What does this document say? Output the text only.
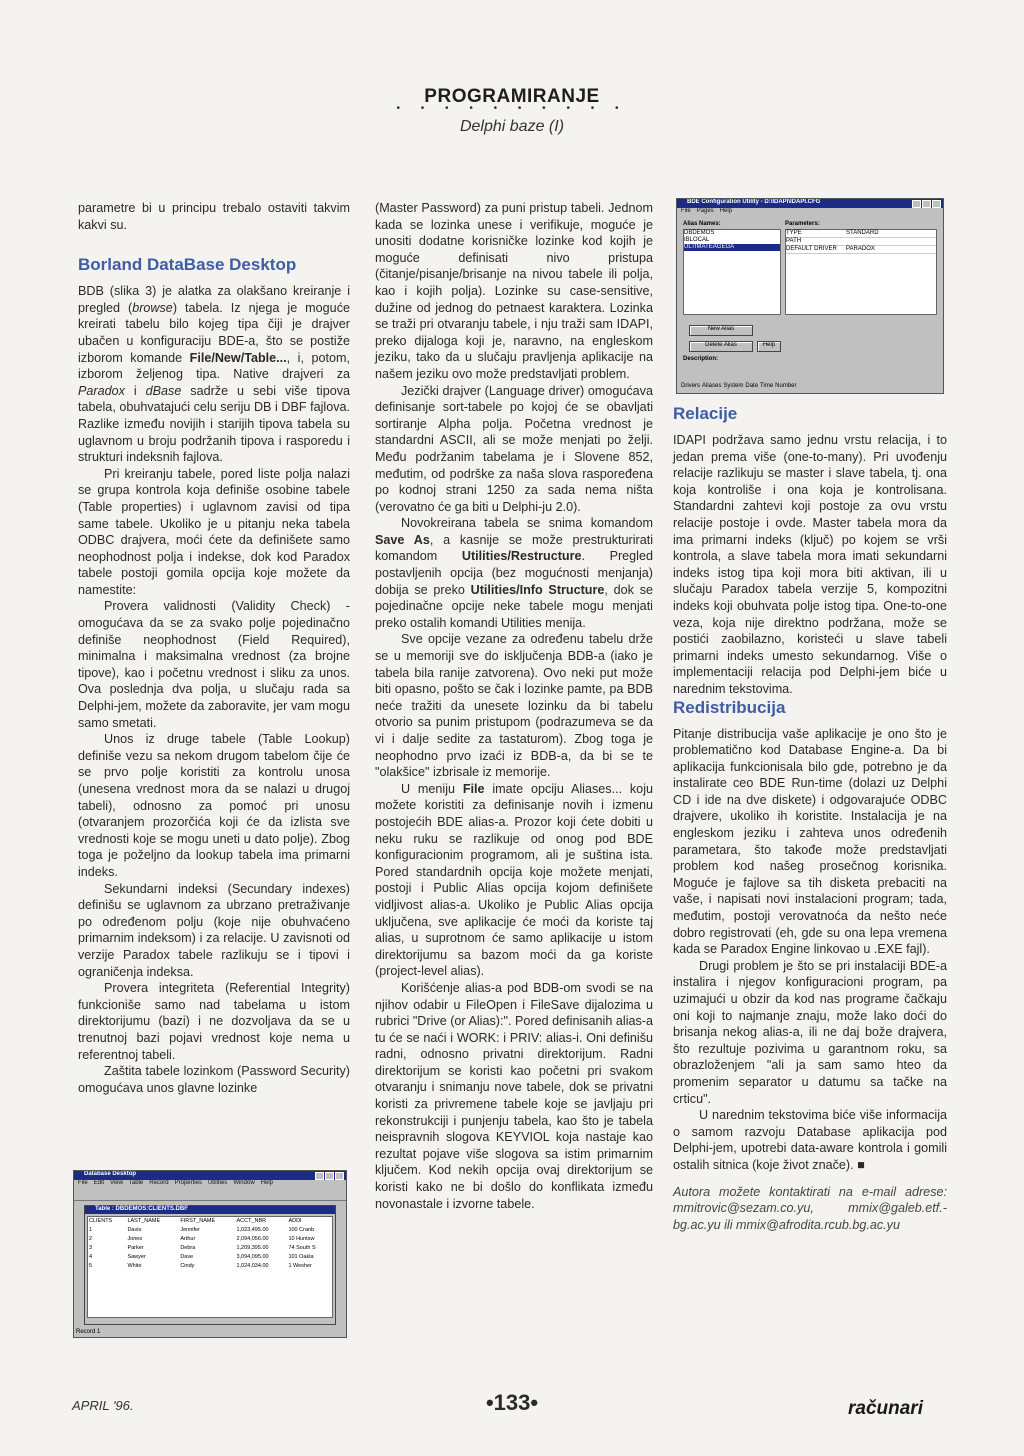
PROGRAMIRANJE
• • • • • • • • • •
Delphi baze (I)

parametre bi u principu trebalo ostaviti takvim kakvi su.

Borland DataBase Desktop

BDB (slika 3) je alatka za olakšano kreiranje i pregled (browse) tabela. Iz njega je moguće kreirati tabelu bilo kojeg tipa čiji je drajver ubačen u konfiguraciju BDE-a, što se postiže izborom komande File/New/Table..., i, potom, izborom željenog tipa. Native drajveri za Paradox i dBase sadrže u sebi više tipova tabela, obuhvatajući celu seriju DB i DBF fajlova. Razlike između novijih i starijih tipova tabela su uglavnom u broju podržanih tipova i rasporedu i strukturi indeksnih fajlova.

Pri kreiranju tabele, pored liste polja nalazi se grupa kontrola koja definiše osobine tabele (Table properties) i uglavnom zavisi od tipa same tabele. Ukoliko je u pitanju neka tabela ODBC drajvera, moći ćete da definišete samo neophodnost polja i indekse, dok kod Paradox tabele postoji gomila opcija koje možete da namestite:

Provera validnosti (Validity Check) - omogućava da se za svako polje pojedinačno definiše neophodnost (Field Required), minimalna i maksimalna vrednost (za brojne tipove), kao i početnu vrednost i sliku za unos. Ova poslednja dva polja, u slučaju rada sa Delphi-jem, možete da zaboravite, jer vam mogu samo smetati.

Unos iz druge tabele (Table Lookup) definiše vezu sa nekom drugom tabelom čije će se prvo polje koristiti za kontrolu unosa (unesena vrednost mora da se nalazi u drugoj tabeli), odnosno za pomoć pri unosu (otvaranjem prozorčića koji će da izlista sve vrednosti koje se mogu uneti u dato polje). Zbog toga je poželjno da lookup tabela ima primarni indeks.

Sekundarni indeksi (Secundary indexes) definišu se uglavnom za ubrzano pretraživanje po određenom polju (koje nije obuhvaćeno primarnim indeksom) i za relacije. U zavisnoti od verzije Paradox tabele razlikuju se i tipovi i ograničenja indeksa.

Provera integriteta (Referential Integrity) funkcioniše samo nad tabelama u istom direktorijumu (bazi) i ne dozvoljava da se u trenutnoj bazi pojavi vrednost koje nema u referentnoj tabeli.

Zaštita tabele lozinkom (Password Security) omogućava unos glavne lozinke

Database Desktop
File Edit View Table Record Properties Utilities Window Help
Table : DBDEMOS:CLIENTS.DBF
CLIENTS	LAST_NAME	FIRST_NAME	ACCT_NBR	ADDI
1	Davis	Jennifer	1,023,495.00	100 Cranb
2	Jones	Arthur	2,094,056.00	10 Huntsw
3	Parker	Debra	1,209,395.00	74 South S
4	Sawyer	Dave	3,094,095.00	101 Oakla
5	White	Cindy	1,024,034.00	1 Wesher
Record 1

(Master Password) za puni pristup tabeli. Jednom kada se lozinka unese i verifikuje, moguće je unositi dodatne korisničke lozinke kod kojih je moguće definisati nivo pristupa (čitanje/pisanje/brisanje na nivou tabele ili polja, kao i kojih polja). Lozinke su case-sensitive, dužine od jednog do petnaest karaktera. Lozinka se traži pri otvaranju tabele, i nju traži sam IDAPI, preko dijaloga koji je, naravno, na engleskom jeziku, tako da u slučaju pravljenja aplikacije na našem jeziku ovo može predstavljati problem.

Jezički drajver (Language driver) omogućava definisanje sort-tabele po kojoj će se obavljati sortiranje Alpha polja. Početna vrednost je standardni ASCII, ali se može menjati po želji. Među podržanim tabelama je i Slovene 852, međutim, od podrške za naša slova raspoređena po kodnoj strani 1250 za sada nema ništa (verovatno će ga biti u Delphi-ju 2.0).

Novokreirana tabela se snima komandom Save As, a kasnije se može prestrukturirati komandom Utilities/Restructure. Pregled postavljenih opcija (bez mogućnosti menjanja) dobija se preko Utilities/Info Structure, dok se pojedinačne opcije neke tabele mogu menjati preko ostalih komandi Utilities menija.

Sve opcije vezane za određenu tabelu drže se u memoriji sve do isključenja BDB-a (iako je tabela bila ranije zatvorena). Ovo neki put može biti opasno, pošto se čak i lozinke pamte, pa BDB neće tražiti da unesete lozinku da bi tabelu otvorio sa punim pristupom (podrazumeva se da vi i dalje sedite za tastaturom). Zbog toga je neophodno prvo izaći iz BDB-a, da bi se te "olakšice" izbrisale iz memorije.

U meniju File imate opciju Aliases... koju možete koristiti za definisanje novih i izmenu postojećih BDE alias-a. Prozor koji ćete dobiti u neku ruku se razlikuje od onog pod BDE konfiguracionim programom, ali je suština ista. Pored standardnih opcija koje možete menjati, postoji i Public Alias opcija kojom definišete vidljivost alias-a. Ukoliko je Public Alias opcija uključena, sve aplikacije će moći da koriste taj alias, u suprotnom će samo aplikacije u istom direktorijumu sa bazom moći da ga koriste (project-level alias).

Korišćenje alias-a pod BDB-om svodi se na njihov odabir u FileOpen i FileSave dijalozima u rubrici "Drive (or Alias):". Pored definisanih alias-a tu će se naći i WORK: i PRIV: alias-i. Oni definišu radni, odnosno privatni direktorijum. Radni direktorijum se koristi kao početni pri svakom otvaranju i snimanju nove tabele, dok se privatni koristi za privremene tabele koje se javljaju pri rekonstrukciji i punjenju tabela, kao što je tabela neispravnih slogova KEYVIOL koja nastaje kao rezultat pojave više slogova sa istim primarnim ključem. Kod nekih opcija ovaj direktorijum se koristi kako ne bi došlo do konflikata između novonastale i izvorne tabele.

BDE Configuration Utility - D:\IDAPI\IDAPI.CFG
File Pages Help
Alias Names:
DBDEMOS
IBLOCAL
ULTIMATEAGEGA
Parameters:
TYPE	STANDARD
PATH
DEFAULT DRIVER	PARADOX
New Alias
Delete Alias	Help
Description:
Drivers Aliases System Date Time Number
Relacije

IDAPI podržava samo jednu vrstu relacija, i to jedan prema više (one-to-many). Pri uvođenju relacije razlikuju se master i slave tabela, tj. ona koja kontroliše i ona koja je kontrolisana. Standardni zahtevi koji postoje za ovu vrstu relacije postoje i ovde. Master tabela mora da ima primarni indeks (ključ) po kojem se vrši kontrola, a slave tabela mora imati sekundarni indeks istog tipa koji mora biti aktivan, ili u slučaju Paradox tabela verzije 5, kompozitni indeks koji obuhvata polje istog tipa. One-to-one veza, koja nije direktno podržana, može se postići zaobilazno, koristeći u slave tabeli primarni indeks umesto sekundarnog. Više o implementaciji relacija pod Delphi-jem biće u narednim tekstovima.

Redistribucija

Pitanje distribucija vaše aplikacije je ono što je problematično kod Database Engine-a. Da bi aplikacija funkcionisala bilo gde, potrebno je da instalirate ceo BDE Run-time (dolazi uz Delphi CD i ide na dve diskete) i odgovarajuće ODBC drajvere, ukoliko ih koristite. Instalacija je na engleskom jeziku i zahteva unos određenih parametara, što takođe može predstavljati problem kod našeg prosečnog korisnika. Moguće je fajlove sa tih disketa prebaciti na vaše, i napisati novi instalacioni program; tada, međutim, postoji verovatnoća da nešto neće dobro registrovati (eh, gde su ona lepa vremena kada se Paradox Engine linkovao u .EXE fajl).

Drugi problem je što se pri instalaciji BDE-a instalira i njegov konfiguracioni program, pa uzimajući u obzir da kod nas programe čačkaju oni koji to najmanje znaju, može lako doći do brisanja nekog alias-a, ili ne daj bože drajvera, što rezultuje pozivima u garantnom roku, sa obrazloženjem "ali ja sam samo hteo da promenim separator u datumu sa tačke na crticu".

U narednim tekstovima biće više informacija o samom razvoju Database aplikacija pod Delphi-jem, upotrebi data-aware kontrola i gomili ostalih sitnica (koje život znače). ■

Autora možete kontaktirati na e-mail adrese: mmitrovic@sezam.co.yu, mmix@galeb.etf.-bg.ac.yu ili mmix@afrodita.rcub.bg.ac.yu

APRIL '96.	•133•	računari
